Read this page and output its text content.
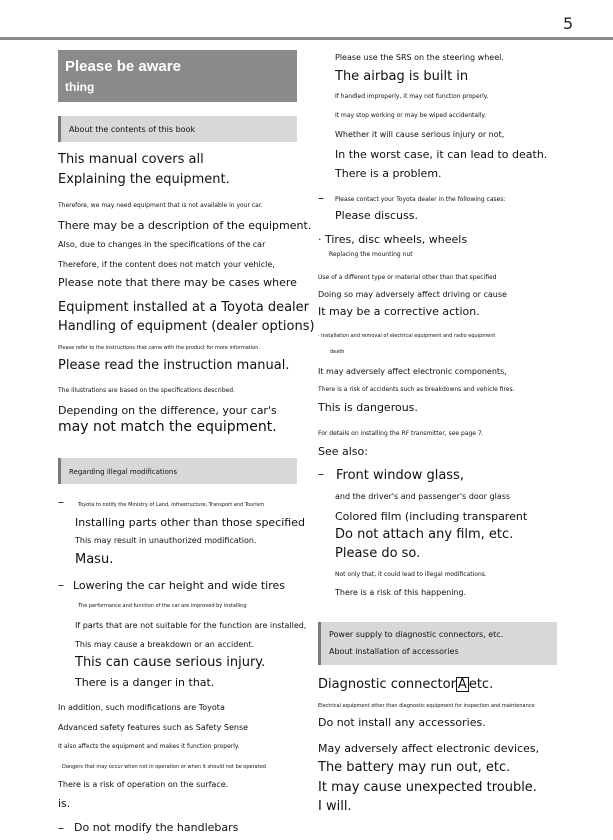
5
Please be aware
thing
About the contents of this book
This manual covers all
Explaining the equipment.
Therefore, we may need equipment that is not available in your car.
There may be a description of the equipment.
Also, due to changes in the specifications of the car
Therefore, if the content does not match your vehicle,
Please note that there may be cases where
Equipment installed at a Toyota dealer
Handling of equipment (dealer options)
Please refer to the instructions that came with the product for more information.
Please read the instruction manual.
The illustrations are based on the specifications described.
Depending on the difference, your car's
may not match the equipment.
Regarding illegal modifications
–	Toyota to notify the Ministry of Land, Infrastructure, Transport and Tourism
Installing parts other than those specified
This may result in unauthorized modification.
Masu.
– Lowering the car height and wide tires
The performance and function of the car are improved by installing
If parts that are not suitable for the function are installed,
This may cause a breakdown or an accident.
This can cause serious injury.
There is a danger in that.
In addition, such modifications are Toyota
Advanced safety features such as Safety Sense
It also affects the equipment and makes it function properly.
Dangers that may occur when not in operation or when it should not be operated
There is a risk of operation on the surface.
is.
– Do not modify the handlebars
Please use the SRS on the steering wheel.
The airbag is built in
If handled improperly, it may not function properly.
It may stop working or may be wiped accidentally.
Whether it will cause serious injury or not,
In the worst case, it can lead to death.
There is a problem.
– Please contact your Toyota dealer in the following cases:
Please discuss.
· Tires, disc wheels, wheels
Replacing the mounting nut
Use of a different type or material other than that specified
Doing so may adversely affect driving or cause
It may be a corrective action.
· Installation and removal of electrical equipment and radio equipment
death
It may adversely affect electronic components,
There is a risk of accidents such as breakdowns and vehicle fires.
This is dangerous.
For details on installing the RF transmitter, see page 7.
See also:
– Front window glass,
and the driver's and passenger's door glass
Colored film (including transparent
Do not attach any film, etc.
Please do so.
Not only that, it could lead to illegal modifications.
There is a risk of this happening.
Power supply to diagnostic connectors, etc.
About installation of accessories
Diagnostic connector A etc.
Electrical equipment other than diagnostic equipment for inspection and maintenance
Do not install any accessories.
May adversely affect electronic devices,
The battery may run out, etc.
It may cause unexpected trouble.
I will.
